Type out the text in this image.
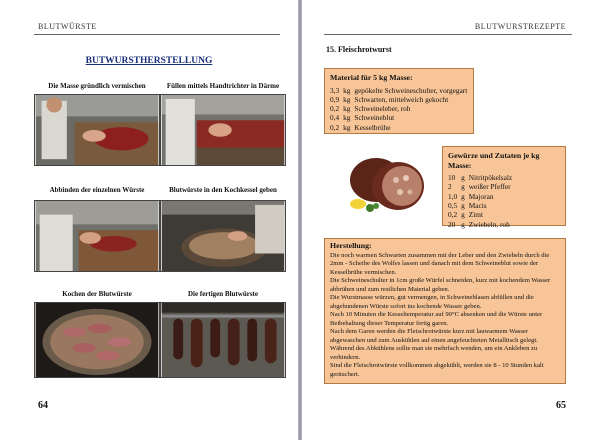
BLUTWÜRSTE
BUTWURSTHERSTELLUNG
Die Masse gründlich vermischen	Füllen mittels Handtrichter in Därme
Abbinden der einzelnen Würste	Blutwürste in den Kochkessel geben
Kochen der Blutwürste	Die fertigen Blutwürste
64
BLUTWURSTREZEPTE
15. Fleischrotwurst
Material für 5 kg Masse:
3,3	kg	gepökelte Schweineschulter, vorgegart
0,9	kg	Schwarten, mittelweich gekocht
0,2	kg	Schweineleber, roh
0,4	kg	Schweineblut
0,2	kg	Kesselbrühe
Gewürze und Zutaten je kg Masse:
10	g	Nitritpökelsalz
2	g	weißer Pfeffer
1,0	g	Majoran
0,5	g	Macis
0,2	g	Zimt
20	g	Zwiebeln, roh
Herstellung:

Die noch warmen Schwarten zusammen mit der Leber und den Zwiebeln durch die 2mm - Scheibe des Wolfes lassen und danach mit dem Schweineblut sowie der Kesselbrühe vermischen.

Die Schweineschulter in 1cm große Würfel schneiden, kurz mit kochendem Wasser abbrühen und zum restlichen Material geben.

Die Wurstmasse würzen, gut vermengen, in Schweineblasen abfüllen und die abgebundenen Würste sofort ins kochende Wasser geben.

Nach 10 Minuten die Kesseltemperatur auf 90°C absenken und die Würste unter Beibehaltung dieser Temperatur fertig garen.

Nach dem Garen werden die Fleischrotwürste kurz mit lauwarmem Wasser abgewaschen und zum Auskühlen auf einen angefeuchteten Metalltisch gelegt. Während des Abkühlens sollte man sie mehrfach wenden, um ein Ankleben zu verhindern.

Sind die Fleischrotwürste vollkommen abgekühlt, werden sie 8 - 10 Stunden kalt geräuchert.

65
